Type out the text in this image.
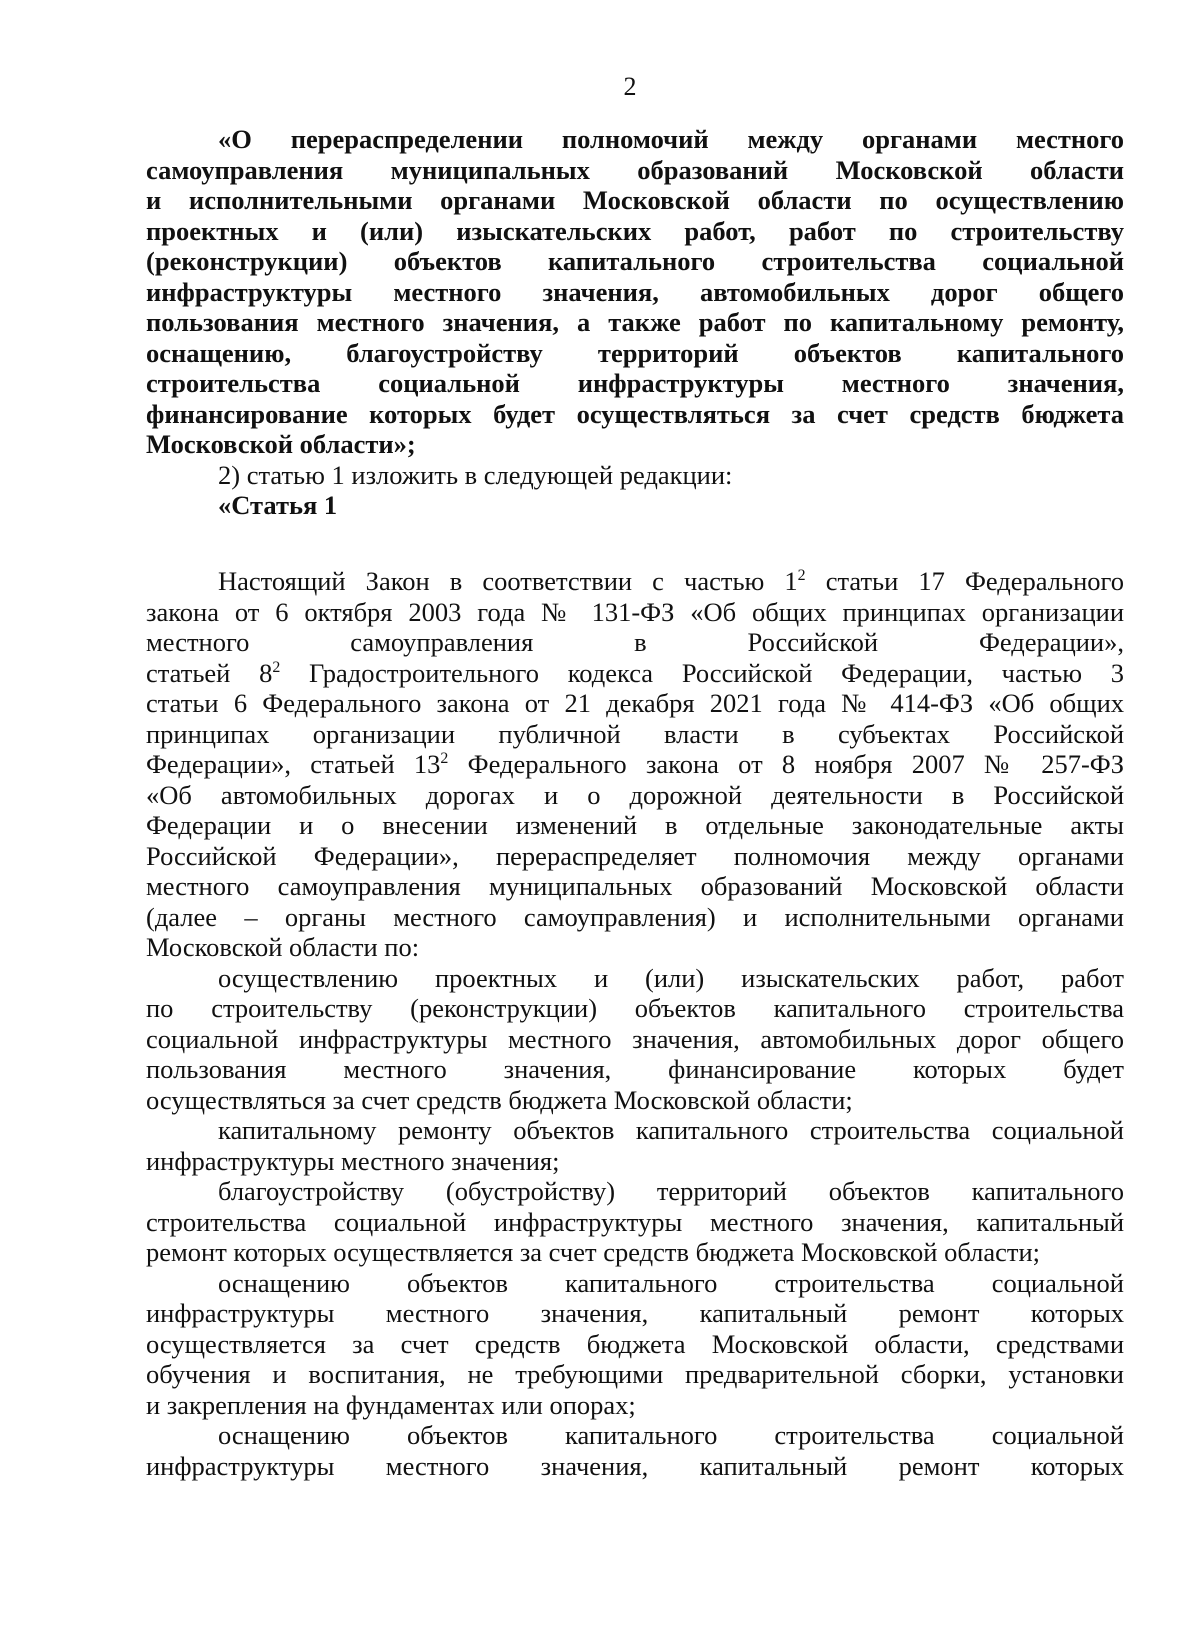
2
«О перераспределении полномочий между органами местного
самоуправления муниципальных образований Московской области
и исполнительными органами Московской области по осуществлению
проектных и (или) изыскательских работ, работ по строительству
(реконструкции) объектов капитального строительства социальной
инфраструктуры местного значения, автомобильных дорог общего
пользования местного значения, а также работ по капитальному ремонту,
оснащению, благоустройству территорий объектов капитального
строительства социальной инфраструктуры местного значения,
финансирование которых будет осуществляться за счет средств бюджета
Московской области»;
2) статью 1 изложить в следующей редакции:
«Статья 1
Настоящий Закон в соответствии с частью $1^2$ статьи 17 Федерального
закона от 6 октября 2003 года № 131-ФЗ «Об общих принципах организации
местного самоуправления в Российской Федерации»,
статьей $8^2$ Градостроительного кодекса Российской Федерации, частью 3
статьи 6 Федерального закона от 21 декабря 2021 года № 414-ФЗ «Об общих
принципах организации публичной власти в субъектах Российской
Федерации», статьей $13^2$ Федерального закона от 8 ноября 2007 № 257-ФЗ
«Об автомобильных дорогах и о дорожной деятельности в Российской
Федерации и о внесении изменений в отдельные законодательные акты
Российской Федерации», перераспределяет полномочия между органами
местного самоуправления муниципальных образований Московской области
(далее – органы местного самоуправления) и исполнительными органами
Московской области по:
осуществлению проектных и (или) изыскательских работ, работ
по строительству (реконструкции) объектов капитального строительства
социальной инфраструктуры местного значения, автомобильных дорог общего
пользования местного значения, финансирование которых будет
осуществляться за счет средств бюджета Московской области;
капитальному ремонту объектов капитального строительства социальной
инфраструктуры местного значения;
благоустройству (обустройству) территорий объектов капитального
строительства социальной инфраструктуры местного значения, капитальный
ремонт которых осуществляется за счет средств бюджета Московской области;
оснащению объектов капитального строительства социальной
инфраструктуры местного значения, капитальный ремонт которых
осуществляется за счет средств бюджета Московской области, средствами
обучения и воспитания, не требующими предварительной сборки, установки
и закрепления на фундаментах или опорах;
оснащению объектов капитального строительства социальной
инфраструктуры местного значения, капитальный ремонт которых
